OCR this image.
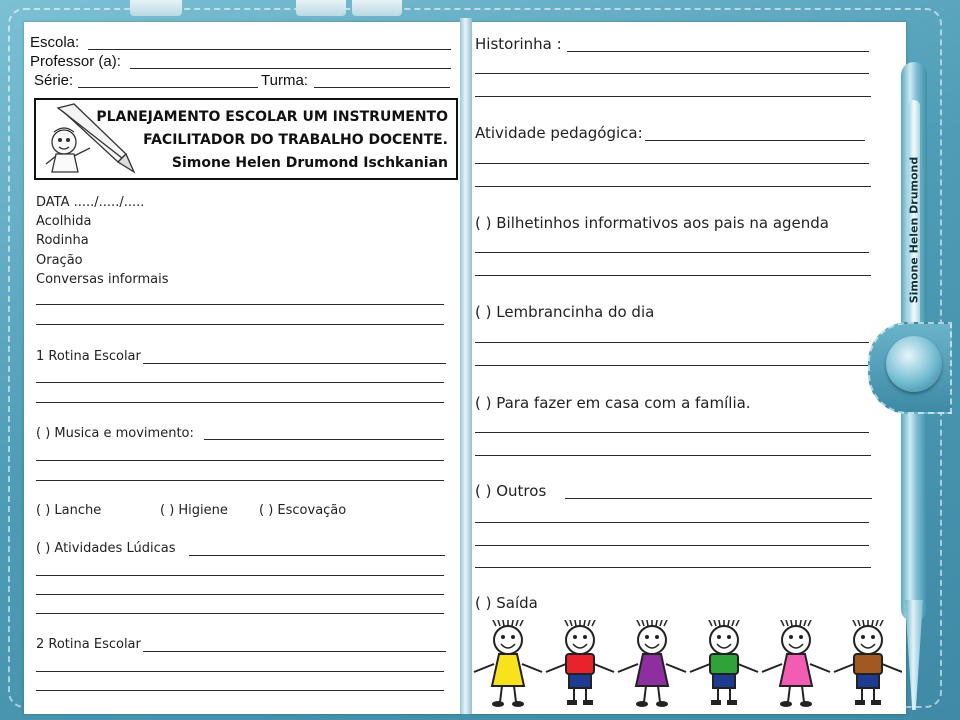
Escola:
Professor (a):
Série:	Turma:
PLANEJAMENTO ESCOLAR UM INSTRUMENTO
FACILITADOR DO TRABALHO DOCENTE.
Simone Helen Drumond Ischkanian
DATA ...../...../.....
Acolhida
Rodinha
Oração
Conversas informais
1 Rotina Escolar
( ) Musica e movimento:
( ) Lanche	( ) Higiene ( ) Escovação
( ) Atividades Lúdicas
2 Rotina Escolar
Historinha :
Atividade pedagógica:
( ) Bilhetinhos informativos aos pais na agenda
( ) Lembrancinha do dia
( ) Para fazer em casa com a família.
( ) Outros
( ) Saída
Simone Helen Drumond
